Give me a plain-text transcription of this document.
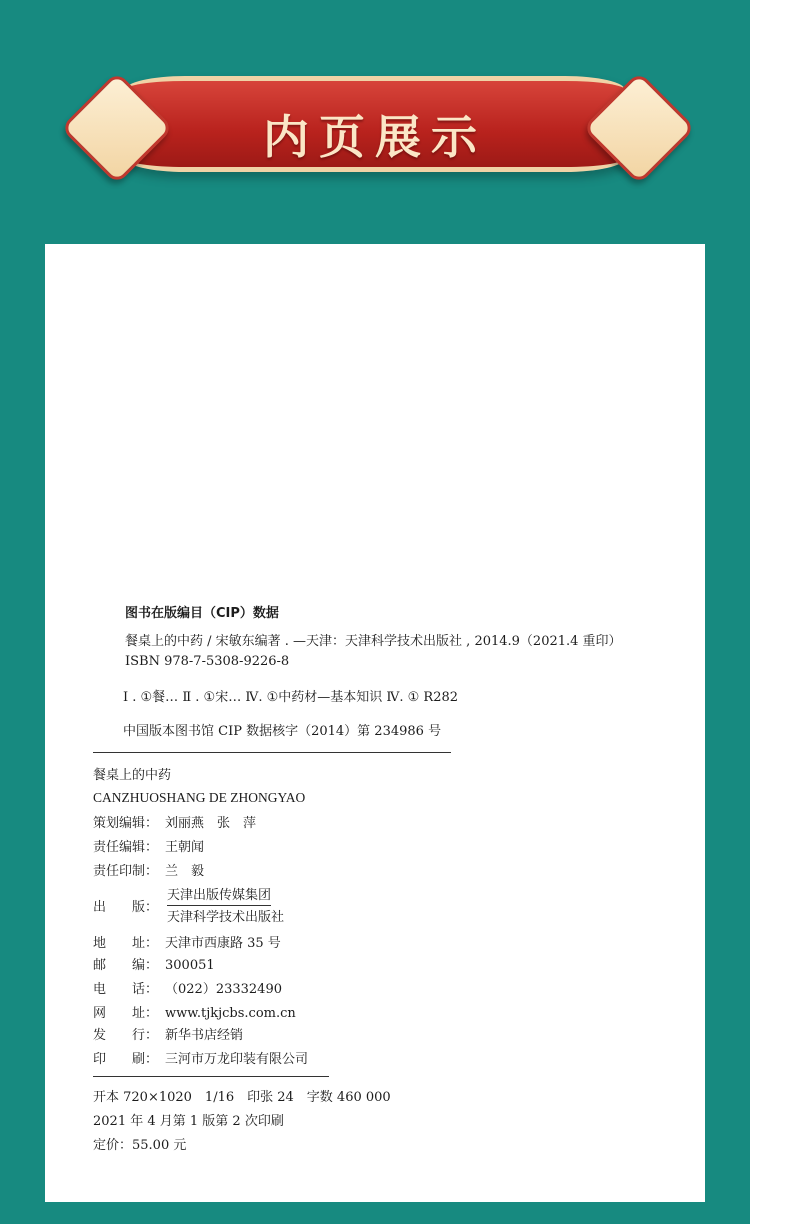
内页展示
图书在版编目（CIP）数据
餐桌上的中药 / 宋敏东编著 . —天津：天津科学技术出版社 , 2014.9（2021.4 重印）
ISBN 978-7-5308-9226-8
Ⅰ . ①餐… Ⅱ . ①宋… Ⅳ. ①中药材—基本知识 Ⅳ. ① R282
中国版本图书馆 CIP 数据核字（2014）第 234986 号
餐桌上的中药
CANZHUOSHANG DE ZHONGYAO
策划编辑： 刘丽燕　张　萍
责任编辑： 王朝闻
责任印制： 兰　毅
出　　版：
天津出版传媒集团
天津科学技术出版社
地　　址： 天津市西康路 35 号
邮　　编： 300051
电　　话： （022）23332490
网　　址： www.tjkjcbs.com.cn
发　　行： 新华书店经销
印　　刷： 三河市万龙印装有限公司
开本 720×1020　1/16　印张 24　字数 460 000
2021 年 4 月第 1 版第 2 次印刷
定价：55.00 元
